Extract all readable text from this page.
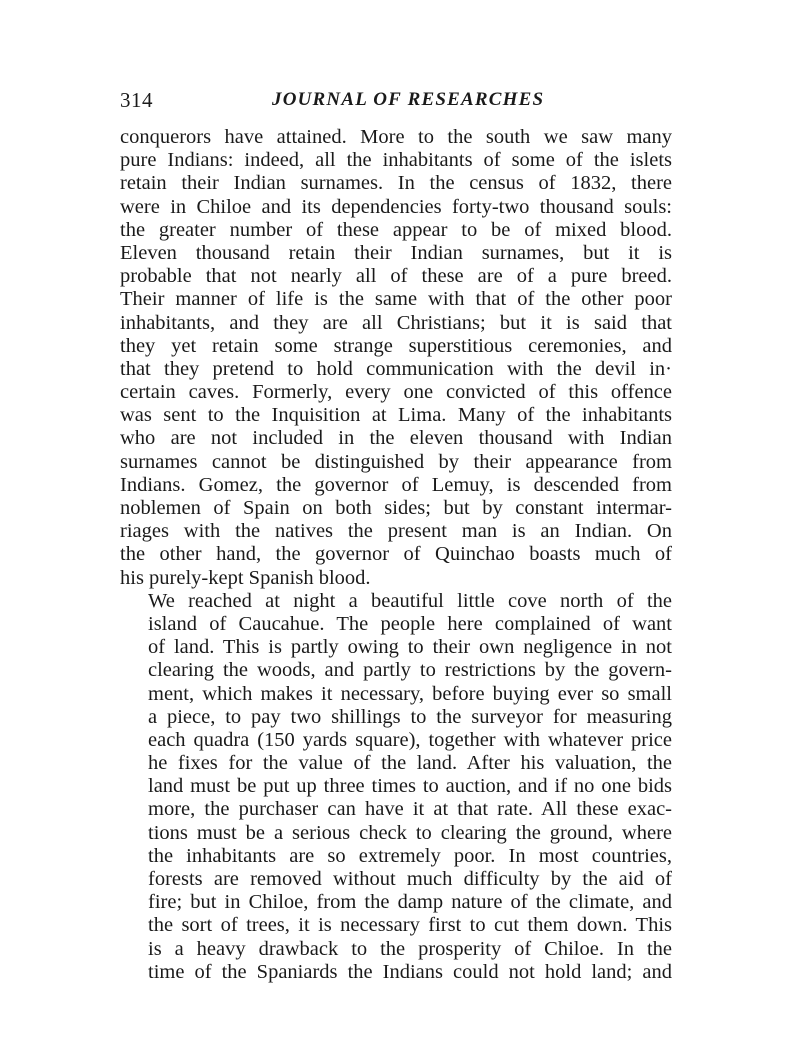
314	JOURNAL OF RESEARCHES

conquerors have attained. More to the south we saw many
pure Indians: indeed, all the inhabitants of some of the islets
retain their Indian surnames. In the census of 1832, there
were in Chiloe and its dependencies forty-two thousand souls:
the greater number of these appear to be of mixed blood.
Eleven thousand retain their Indian surnames, but it is
probable that not nearly all of these are of a pure breed.
Their manner of life is the same with that of the other poor
inhabitants, and they are all Christians; but it is said that
they yet retain some strange superstitious ceremonies, and
that they pretend to hold communication with the devil in·
certain caves. Formerly, every one convicted of this offence
was sent to the Inquisition at Lima. Many of the inhabitants
who are not included in the eleven thousand with Indian
surnames cannot be distinguished by their appearance from
Indians. Gomez, the governor of Lemuy, is descended from
noblemen of Spain on both sides; but by constant intermar-
riages with the natives the present man is an Indian. On
the other hand, the governor of Quinchao boasts much of
his purely-kept Spanish blood.

We reached at night a beautiful little cove north of the
island of Caucahue. The people here complained of want
of land. This is partly owing to their own negligence in not
clearing the woods, and partly to restrictions by the govern-
ment, which makes it necessary, before buying ever so small
a piece, to pay two shillings to the surveyor for measuring
each quadra (150 yards square), together with whatever price
he fixes for the value of the land. After his valuation, the
land must be put up three times to auction, and if no one bids
more, the purchaser can have it at that rate. All these exac-
tions must be a serious check to clearing the ground, where
the inhabitants are so extremely poor. In most countries,
forests are removed without much difficulty by the aid of
fire; but in Chiloe, from the damp nature of the climate, and
the sort of trees, it is necessary first to cut them down. This
is a heavy drawback to the prosperity of Chiloe. In the
time of the Spaniards the Indians could not hold land; and
